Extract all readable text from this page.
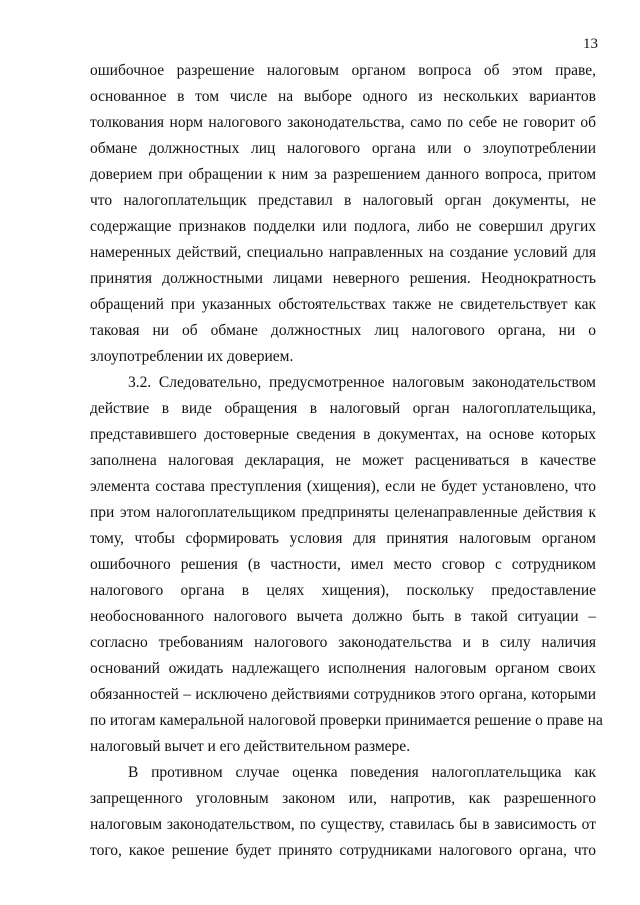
13
ошибочное разрешение налоговым органом вопроса об этом праве,
основанное в том числе на выборе одного из нескольких вариантов
толкования норм налогового законодательства, само по себе не говорит об
обмане должностных лиц налогового органа или о злоупотреблении
доверием при обращении к ним за разрешением данного вопроса, притом
что налогоплательщик представил в налоговый орган документы, не
содержащие признаков подделки или подлога, либо не совершил других
намеренных действий, специально направленных на создание условий для
принятия должностными лицами неверного решения. Неоднократность
обращений при указанных обстоятельствах также не свидетельствует как
таковая ни об обмане должностных лиц налогового органа, ни о
злоупотреблении их доверием.
3.2. Следовательно, предусмотренное налоговым законодательством
действие в виде обращения в налоговый орган налогоплательщика,
представившего достоверные сведения в документах, на основе которых
заполнена налоговая декларация, не может расцениваться в качестве
элемента состава преступления (хищения), если не будет установлено, что
при этом налогоплательщиком предприняты целенаправленные действия к
тому, чтобы сформировать условия для принятия налоговым органом
ошибочного решения (в частности, имел место сговор с сотрудником
налогового органа в целях хищения), поскольку предоставление
необоснованного налогового вычета должно быть в такой ситуации –
согласно требованиям налогового законодательства и в силу наличия
оснований ожидать надлежащего исполнения налоговым органом своих
обязанностей – исключено действиями сотрудников этого органа, которыми
по итогам камеральной налоговой проверки принимается решение о праве на
налоговый вычет и его действительном размере.
В противном случае оценка поведения налогоплательщика как
запрещенного уголовным законом или, напротив, как разрешенного
налоговым законодательством, по существу, ставилась бы в зависимость от
того, какое решение будет принято сотрудниками налогового органа, что
